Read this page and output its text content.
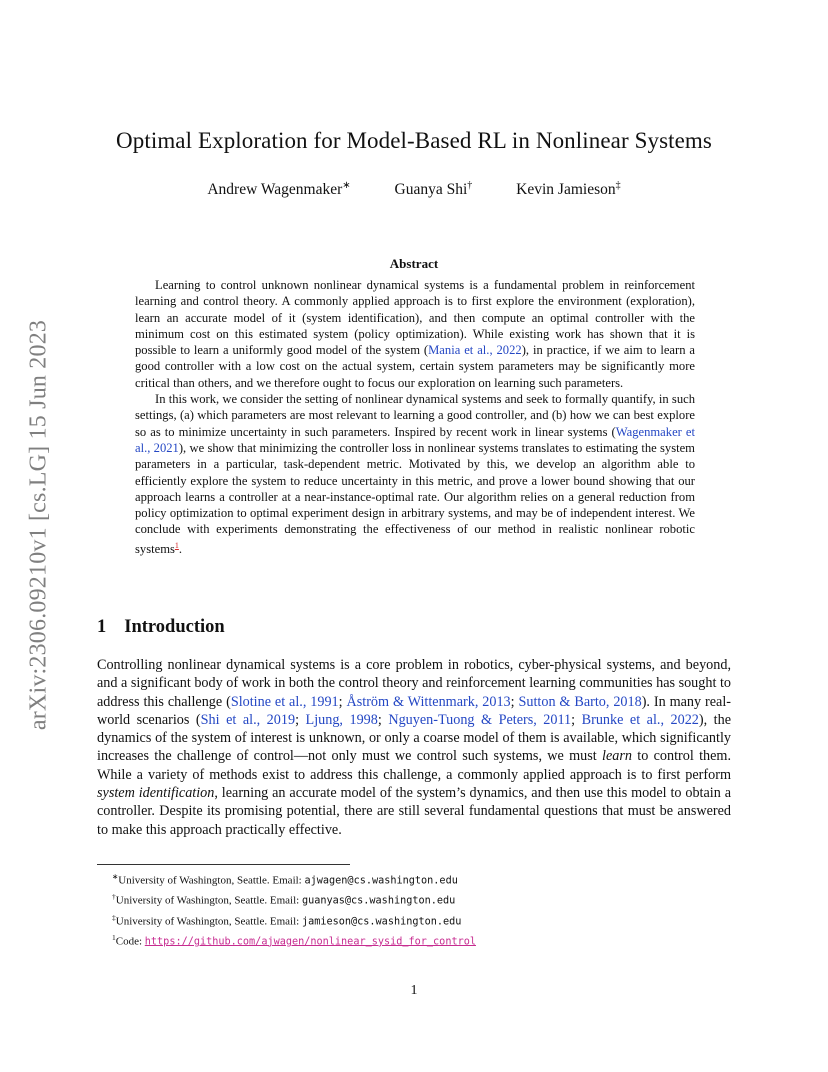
arXiv:2306.09210v1 [cs.LG] 15 Jun 2023
Optimal Exploration for Model-Based RL in Nonlinear Systems
Andrew Wagenmaker∗	Guanya Shi†	Kevin Jamieson‡
Abstract

Learning to control unknown nonlinear dynamical systems is a fundamental problem in reinforcement learning and control theory. A commonly applied approach is to first explore the environment (exploration), learn an accurate model of it (system identification), and then compute an optimal controller with the minimum cost on this estimated system (policy optimization). While existing work has shown that it is possible to learn a uniformly good model of the system (Mania et al., 2022), in practice, if we aim to learn a good controller with a low cost on the actual system, certain system parameters may be significantly more critical than others, and we therefore ought to focus our exploration on learning such parameters.

In this work, we consider the setting of nonlinear dynamical systems and seek to formally quantify, in such settings, (a) which parameters are most relevant to learning a good controller, and (b) how we can best explore so as to minimize uncertainty in such parameters. Inspired by recent work in linear systems (Wagenmaker et al., 2021), we show that minimizing the controller loss in nonlinear systems translates to estimating the system parameters in a particular, task-dependent metric. Motivated by this, we develop an algorithm able to efficiently explore the system to reduce uncertainty in this metric, and prove a lower bound showing that our approach learns a controller at a near-instance-optimal rate. Our algorithm relies on a general reduction from policy optimization to optimal experiment design in arbitrary systems, and may be of independent interest. We conclude with experiments demonstrating the effectiveness of our method in realistic nonlinear robotic systems$^1$.

1 Introduction

Controlling nonlinear dynamical systems is a core problem in robotics, cyber-physical systems, and beyond, and a significant body of work in both the control theory and reinforcement learning communities has sought to address this challenge (Slotine et al., 1991; Åström & Wittenmark, 2013; Sutton & Barto, 2018). In many real-world scenarios (Shi et al., 2019; Ljung, 1998; Nguyen-Tuong & Peters, 2011; Brunke et al., 2022), the dynamics of the system of interest is unknown, or only a coarse model of them is available, which significantly increases the challenge of control—not only must we control such systems, we must learn to control them. While a variety of methods exist to address this challenge, a commonly applied approach is to first perform system identification, learning an accurate model of the system’s dynamics, and then use this model to obtain a controller. Despite its promising potential, there are still several fundamental questions that must be answered to make this approach practically effective.

∗University of Washington, Seattle. Email: ajwagen@cs.washington.edu
†University of Washington, Seattle. Email: guanyas@cs.washington.edu
‡University of Washington, Seattle. Email: jamieson@cs.washington.edu
$^1$Code: https://github.com/ajwagen/nonlinear_sysid_for_control
1
